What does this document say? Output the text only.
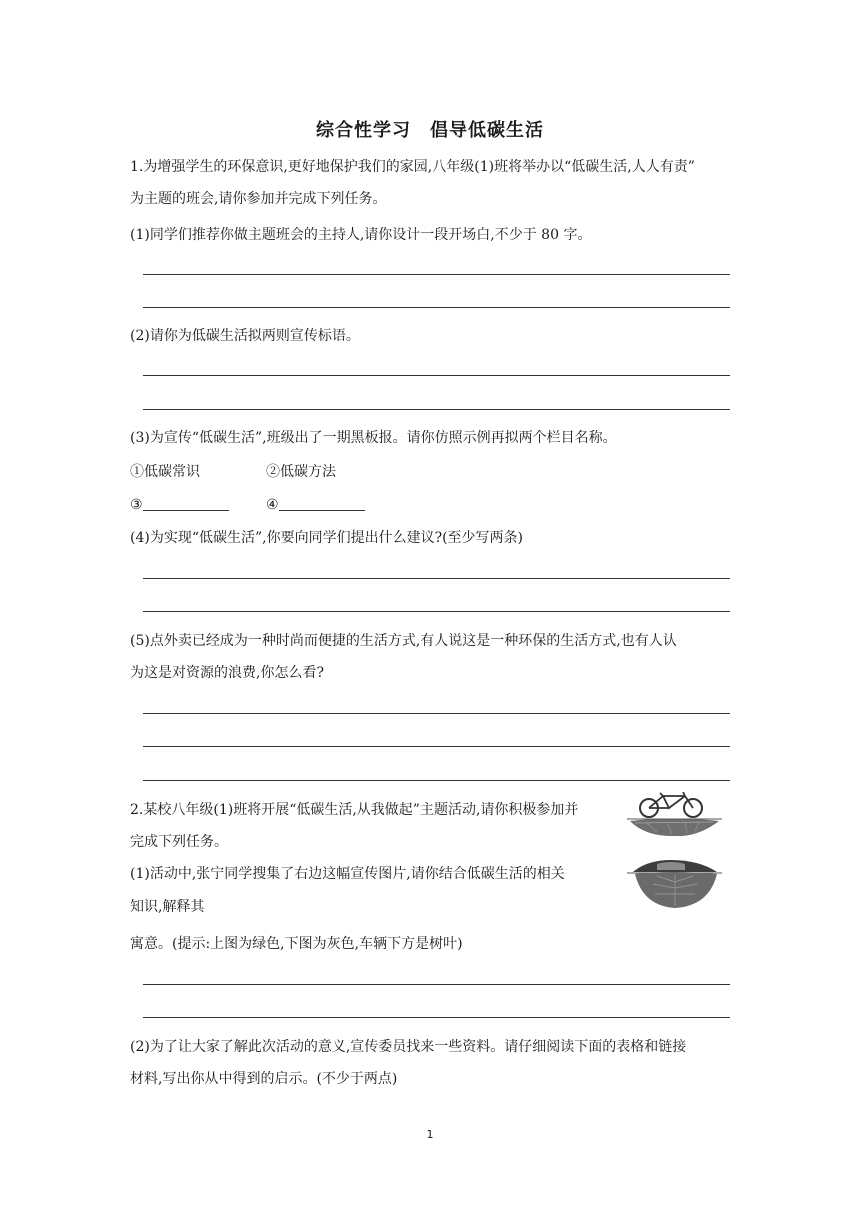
综合性学习　倡导低碳生活
1.为增强学生的环保意识,更好地保护我们的家园,八年级(1)班将举办以“低碳生活,人人有责”
为主题的班会,请你参加并完成下列任务。
(1)同学们推荐你做主题班会的主持人,请你设计一段开场白,不少于 80 字。
(2)请你为低碳生活拟两则宣传标语。
(3)为宣传“低碳生活”,班级出了一期黑板报。请你仿照示例再拟两个栏目名称。
①低碳常识	②低碳方法
③	④
(4)为实现“低碳生活”,你要向同学们提出什么建议?(至少写两条)
(5)点外卖已经成为一种时尚而便捷的生活方式,有人说这是一种环保的生活方式,也有人认
为这是对资源的浪费,你怎么看?
2.某校八年级(1)班将开展“低碳生活,从我做起”主题活动,请你积极参加并
完成下列任务。
(1)活动中,张宁同学搜集了右边这幅宣传图片,请你结合低碳生活的相关
知识,解释其
寓意。(提示:上图为绿色,下图为灰色,车辆下方是树叶)
(2)为了让大家了解此次活动的意义,宣传委员找来一些资料。请仔细阅读下面的表格和链接
材料,写出你从中得到的启示。(不少于两点)
1
